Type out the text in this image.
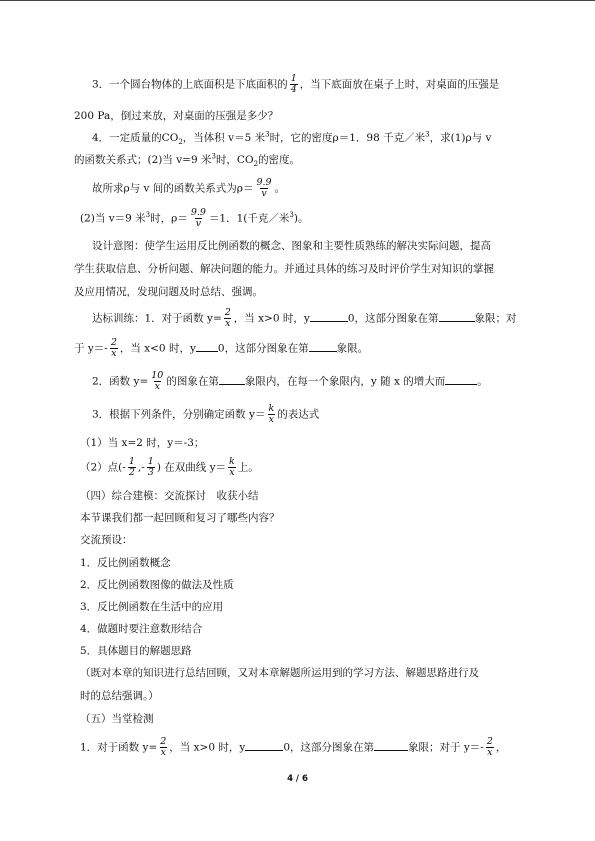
3．一个圆台物体的上底面积是下底面积的 $\frac{1}{4}$ ，当下底面放在桌子上时，对桌面的压强是
200 Pa，倒过来放，对桌面的压强是多少？
4．一定质量的$CO_2$，当体积 v＝5 米$^3$时，它的密度ρ＝1．98 千克／米$^3$，求(1)ρ与 v
的函数关系式；(2)当 v=9 米$^3$时，$CO_2$的密度。
故所求ρ与 v 间的函数关系式为$\rho= \frac{9.9}{v}$ 。
(2)当 v＝9 米$^3$时，$\rho= \frac{9.9}{v} =1$．1(千克／米$^3$)。
设计意图：使学生运用反比例函数的概念、图象和主要性质熟练的解决实际问题，提高
学生获取信息、分析问题、解决问题的能力。并通过具体的练习及时评价学生对知识的掌握
及应用情况，发现问题及时总结、强调。
达标训练：1．对于函数 $y= \frac{2}{x}$ ，当 x>0 时，y	0，这部分图象在第	象限；对
于 $y=- \frac{2}{x}$ ，当 x<0 时，y 0，这部分图象在第	象限。
2．函数 $y= \frac{10}{x}$ 的图象在第 象限内，在每一个象限内，y 随 x 的增大而	。
3．根据下列条件，分别确定函数 $y= \frac{k}{x}$ 的表达式
（1）当 x=2 时，y＝-3；
（2）点(- $\frac{1}{2}$ ,- $\frac{1}{3}$ ) 在双曲线 $y= \frac{k}{x}$ 上。
（四）综合建模：交流探讨　收获小结
本节课我们都一起回顾和复习了哪些内容？
交流预设：
1．反比例函数概念
2．反比例函数图像的做法及性质
3．反比例函数在生活中的应用
4．做题时要注意数形结合
5．具体题目的解题思路
（既对本章的知识进行总结回顾，又对本章解题所运用到的学习方法、解题思路进行及
时的总结强调。）
（五）当堂检测
1．对于函数 $y= \frac{2}{x}$ ，当 x>0 时，y	0，这部分图象在第	象限；对于 $y=- \frac{2}{x}$ ，
4 / 6
